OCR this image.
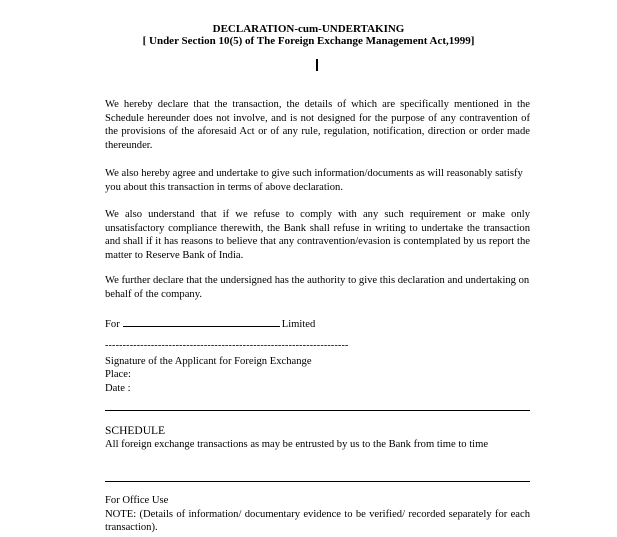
DECLARATION-cum-UNDERTAKING
[ Under Section 10(5) of The Foreign Exchange Management Act,1999]

We hereby declare that the transaction, the details of which are specifically mentioned in the Schedule hereunder does not involve, and is not designed for the purpose of any contravention of the provisions of the aforesaid Act or of any rule, regulation, notification, direction or order made thereunder.

We also hereby agree and undertake to give such information/documents as will reasonably satisfy you about this transaction in terms of above declaration.

We also understand that if we refuse to comply with any such requirement or make only unsatisfactory compliance therewith, the Bank shall refuse in writing to undertake the transaction and shall if it has reasons to believe that any contravention/evasion is contemplated by us report the matter to Reserve Bank of India.

We further declare that the undersigned has the authority to give this declaration and undertaking on behalf of the company.

For	Limited
---------------------------------------------------------------------
Signature of the Applicant for Foreign Exchange
Place:
Date :
SCHEDULE
All foreign exchange transactions as may be entrusted by us to the Bank from time to time
For Office Use
NOTE: (Details of information/ documentary evidence to be verified/ recorded separately for each transaction).
